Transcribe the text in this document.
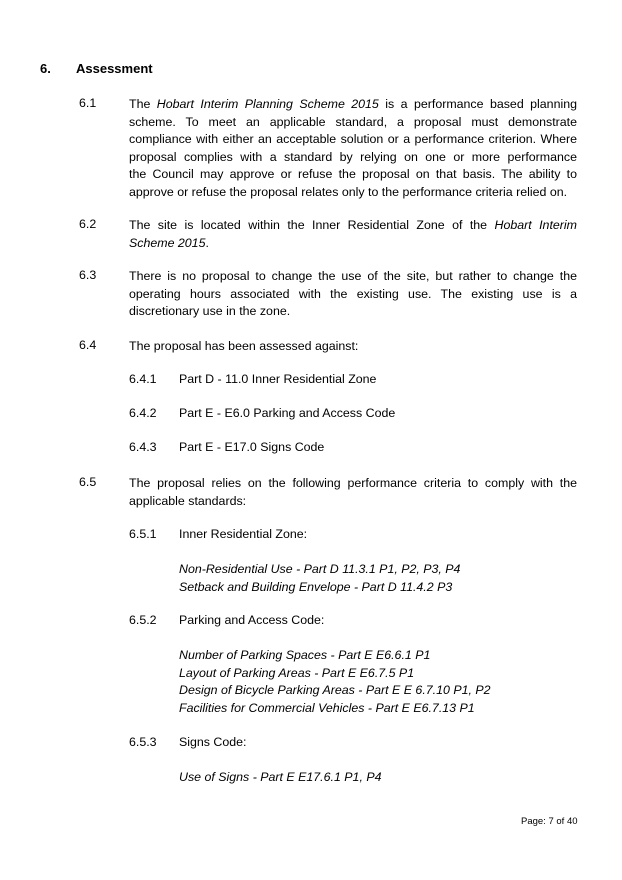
6. Assessment
6.1	The Hobart Interim Planning Scheme 2015 is a performance based planning
scheme. To meet an applicable standard, a proposal must demonstrate
compliance with either an acceptable solution or a performance criterion. Where
proposal complies with a standard by relying on one or more performance
the Council may approve or refuse the proposal on that basis. The ability to
approve or refuse the proposal relates only to the performance criteria relied on.
6.2	The site is located within the Inner Residential Zone of the Hobart Interim
Scheme 2015.
6.3	There is no proposal to change the use of the site, but rather to change the
operating hours associated with the existing use. The existing use is a
discretionary use in the zone.
6.4	The proposal has been assessed against:
6.4.1 Part D - 11.0 Inner Residential Zone
6.4.2 Part E - E6.0 Parking and Access Code
6.4.3 Part E - E17.0 Signs Code
6.5	The proposal relies on the following performance criteria to comply with the
applicable standards:
6.5.1 Inner Residential Zone:
Non-Residential Use - Part D 11.3.1 P1, P2, P3, P4
Setback and Building Envelope - Part D 11.4.2 P3
6.5.2 Parking and Access Code:
Number of Parking Spaces - Part E E6.6.1 P1
Layout of Parking Areas - Part E E6.7.5 P1
Design of Bicycle Parking Areas - Part E E 6.7.10 P1, P2
Facilities for Commercial Vehicles - Part E E6.7.13 P1
6.5.3 Signs Code:
Use of Signs - Part E E17.6.1 P1, P4
Page: 7 of 40
